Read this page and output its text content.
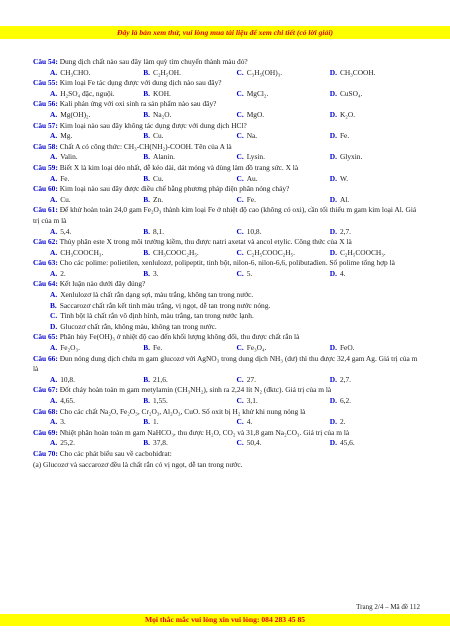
Đây là bản xem thử, vui lòng mua tài liệu để xem chi tiết (có lời giải)
Câu 54: Dung dịch chất nào sau đây làm quỳ tím chuyển thành màu đỏ?
A. CH₃CHO.	B. C₂H₅OH.	C. C₃H₅(OH)₃.	D. CH₃COOH.
Câu 55: Kim loại Fe tác dụng được với dung dịch nào sau đây?
A. H₂SO₄ đặc, nguội.	B. KOH.	C. MgCl₂.	D. CuSO₄.
Câu 56: Kali phản ứng với oxi sinh ra sản phẩm nào sau đây?
A. Mg(OH)₂.	B. Na₂O.	C. MgO.	D. K₂O.
Câu 57: Kim loại nào sau đây không tác dụng được với dung dịch HCl?
A. Mg.	B. Cu.	C. Na.	D. Fe.
Câu 58: Chất A có công thức: CH₃-CH(NH₂)-COOH. Tên của A là
A. Valin.	B. Alanin.	C. Lysin.	D. Glyxin.
Câu 59: Biết X là kim loại dẻo nhất, dễ kéo dài, dát mỏng và dùng làm đồ trang sức. X là
A. Fe.	B. Cu.	C. Au.	D. W.
Câu 60: Kim loại nào sau đây được điều chế bằng phương pháp điện phân nóng chảy?
A. Cu.	B. Zn.	C. Fe.	D. Al.
Câu 61: Để khử hoàn toàn 24,0 gam Fe₂O₃ thành kim loại Fe ở nhiệt độ cao (không có oxi), cần tối thiểu m gam kim loại Al. Giá trị của m là
A. 5,4.	B. 8,1.	C. 10,8.	D. 2,7.
Câu 62: Thủy phân este X trong môi trường kiềm, thu được natri axetat và ancol etylic. Công thức của X là
A. CH₃COOCH₃.	B. CH₃COOC₂H₅.	C. C₂H₅COOC₂H₅.	D. C₂H₅COOCH₃.
Câu 63: Cho các polime: polietilen, xenlulozơ, polipeptit, tinh bột, nilon-6, nilon-6,6, polibutađien. Số polime tổng hợp là
A. 2.	B. 3.	C. 5.	D. 4.
Câu 64: Kết luận nào dưới đây đúng?
A. Xenlulozơ là chất rắn dạng sợi, màu trắng, không tan trong nước.
B. Saccarozơ chất rắn kết tinh màu trắng, vị ngọt, dễ tan trong nước nóng.
C. Tinh bột là chất rắn vô định hình, màu trắng, tan trong nước lạnh.
D. Glucozơ chất rắn, không màu, không tan trong nước.
Câu 65: Phân hủy Fe(OH)₃ ở nhiệt độ cao đến khối lượng không đổi, thu được chất rắn là
A. Fe₂O₃.	B. Fe.	C. Fe₃O₄.	D. FeO.
Câu 66: Đun nóng dung dịch chứa m gam glucozơ với AgNO₃ trong dung dịch NH₃ (dư) thì thu được 32,4 gam Ag. Giá trị của m là
A. 10,8.	B. 21,6.	C. 27.	D. 2,7.
Câu 67: Đốt cháy hoàn toàn m gam metylamin (CH₃NH₂), sinh ra 2,24 lít N₂ (đktc). Giá trị của m là
A. 4,65.	B. 1,55.	C. 3,1.	D. 6,2.
Câu 68: Cho các chất Na₂O, Fe₂O₃, Cr₂O₃, Al₂O₃, CuO. Số oxit bị H₂ khử khi nung nóng là
A. 3.	B. 1.	C. 4.	D. 2.
Câu 69: Nhiệt phân hoàn toàn m gam NaHCO₃, thu được H₂O, CO₂ và 31,8 gam Na₂CO₃. Giá trị của m là
A. 25,2.	B. 37,8.	C. 50,4.	D. 45,6.
Câu 70: Cho các phát biểu sau về cacbohiđrat:
(a) Glucozơ và saccarozơ đều là chất rắn có vị ngọt, dễ tan trong nước.
Trang 2/4 – Mã đề 112
Mọi thắc mắc vui lòng xin vui lòng: 084 283 45 85
